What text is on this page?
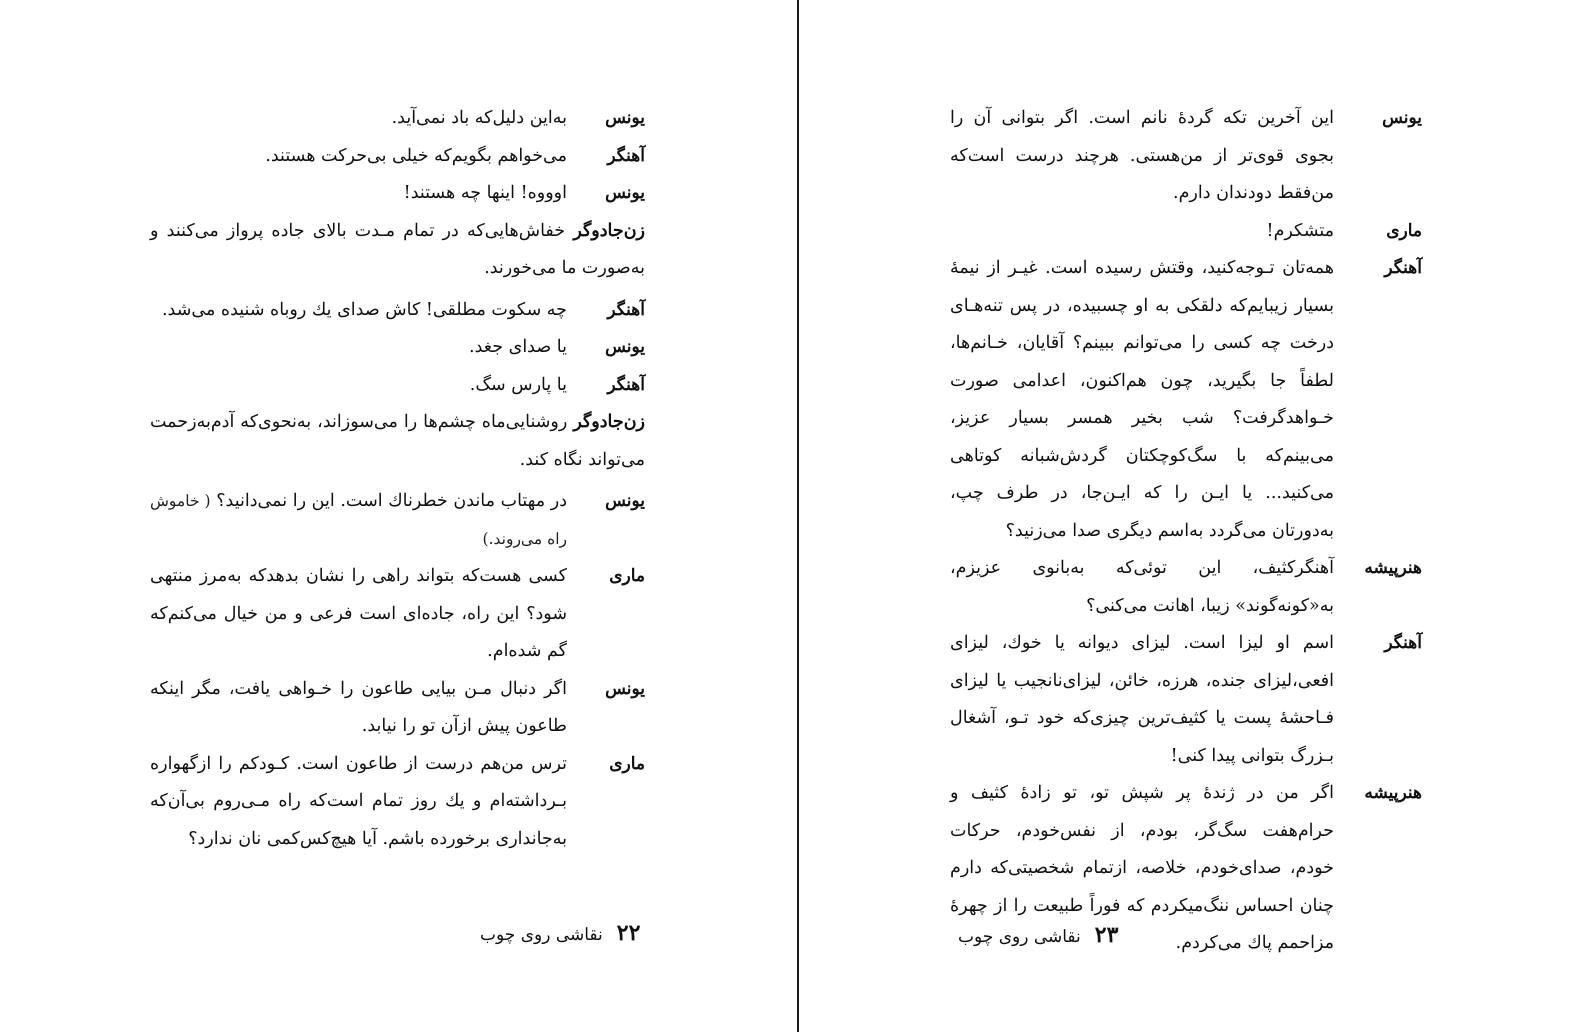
یونس
به‌این دلیل‌که باد نمی‌آید.
آهنگر
می‌خواهم بگویم‌که خیلی بی‌حرکت هستند.
یونس
اوووه! اینها چه هستند!
زن‌جادوگر خفاش‌هایی‌که در تمام مـدت بالای جاده پرواز می‌کنند و به‌صورت ما می‌خورند.
آهنگر
چه سکوت مطلقی! کاش صدای یك روباه شنیده می‌شد.
یونس
یا صدای جغد.
آهنگر
یا پارس سگ.
زن‌جادوگر روشنایی‌ماه چشم‌ها را می‌سوزاند، به‌نحوی‌که آدم‌به‌زحمت می‌تواند نگاه کند.
یونس
در مهتاب ماندن خطرناك است. این را نمی‌دانید؟ ( خاموش راه می‌روند.)
ماری
کسی هست‌که بتواند راهی را نشان بدهدکه به‌مرز منتهی شود؟ این راه، جاده‌ای است فرعی و من خیال می‌کنم‌که گم شده‌ام.
یونس
اگر دنبال مـن بیایی طاعون را خـواهی یافت، مگر اینکه طاعون پیش ازآن تو را نیابد.
ماری
ترس من‌هم درست از طاعون است. کـودکم را ازگهواره بـرداشته‌ام و یك روز تمام است‌که راه مـی‌روم بی‌آن‌که به‌جانداری برخورده باشم. آیا هیچ‌کس‌کمی نان ندارد؟
۲۲
نقاشی روی چوب
یونس
این آخرین تکه گردهٔ نانم است. اگر بتوانی آن را بجوی قوی‌تر از من‌هستی. هرچند درست است‌که من‌فقط دودندان دارم.
ماری
متشکرم!
آهنگر
همه‌تان تـوجه‌کنید، وقتش رسیده است. غیـر از نیمهٔ بسیار زیبایم‌که دلقکی به او چسبیده، در پس تنه‌هـای درخت چه کسی را می‌توانم ببینم؟ آقایان، خـانم‌ها، لطفاً جا بگیرید، چون هم‌اکنون، اعدامی صورت خـواهدگرفت؟ شب بخیر همسر بسیار عزیز، می‌بینم‌که با سگ‌کوچکتان گردش‌شبانه کوتاهی می‌کنید... یا ایـن را که ایـن‌جا، در طرف چپ، به‌دورتان می‌گردد به‌اسم دیگری صدا می‌زنید؟
هنرپیشه
آهنگرکثیف، این توئی‌که به‌بانوی عزیزم، به«کونه‌گوند» زیبا، اهانت می‌کنی؟
آهنگر
اسم او لیزا است. لیزای دیوانه یا خوك، لیزای افعی،لیزای جنده، هرزه، خائن، لیزای‌نانجیب یا لیزای فـاحشهٔ پست یا کثیف‌ترین چیزی‌که خود تـو، آشغال بـزرگ‌ بتوانی پیدا کنی!
هنرپیشه
اگر من در ژندهٔ پر شپش تو، تو زادهٔ کثیف و حرام‌هفت سگ‌گر، بودم، از نفس‌خودم، حرکات خودم، صدای‌خودم، خلاصه، ازتمام شخصیتی‌که دارم چنان احساس ننگ‌میکردم که فوراً طبیعت را از چهرهٔ مزاحمم پاك می‌کردم.
۲۳
نقاشی روی چوب
